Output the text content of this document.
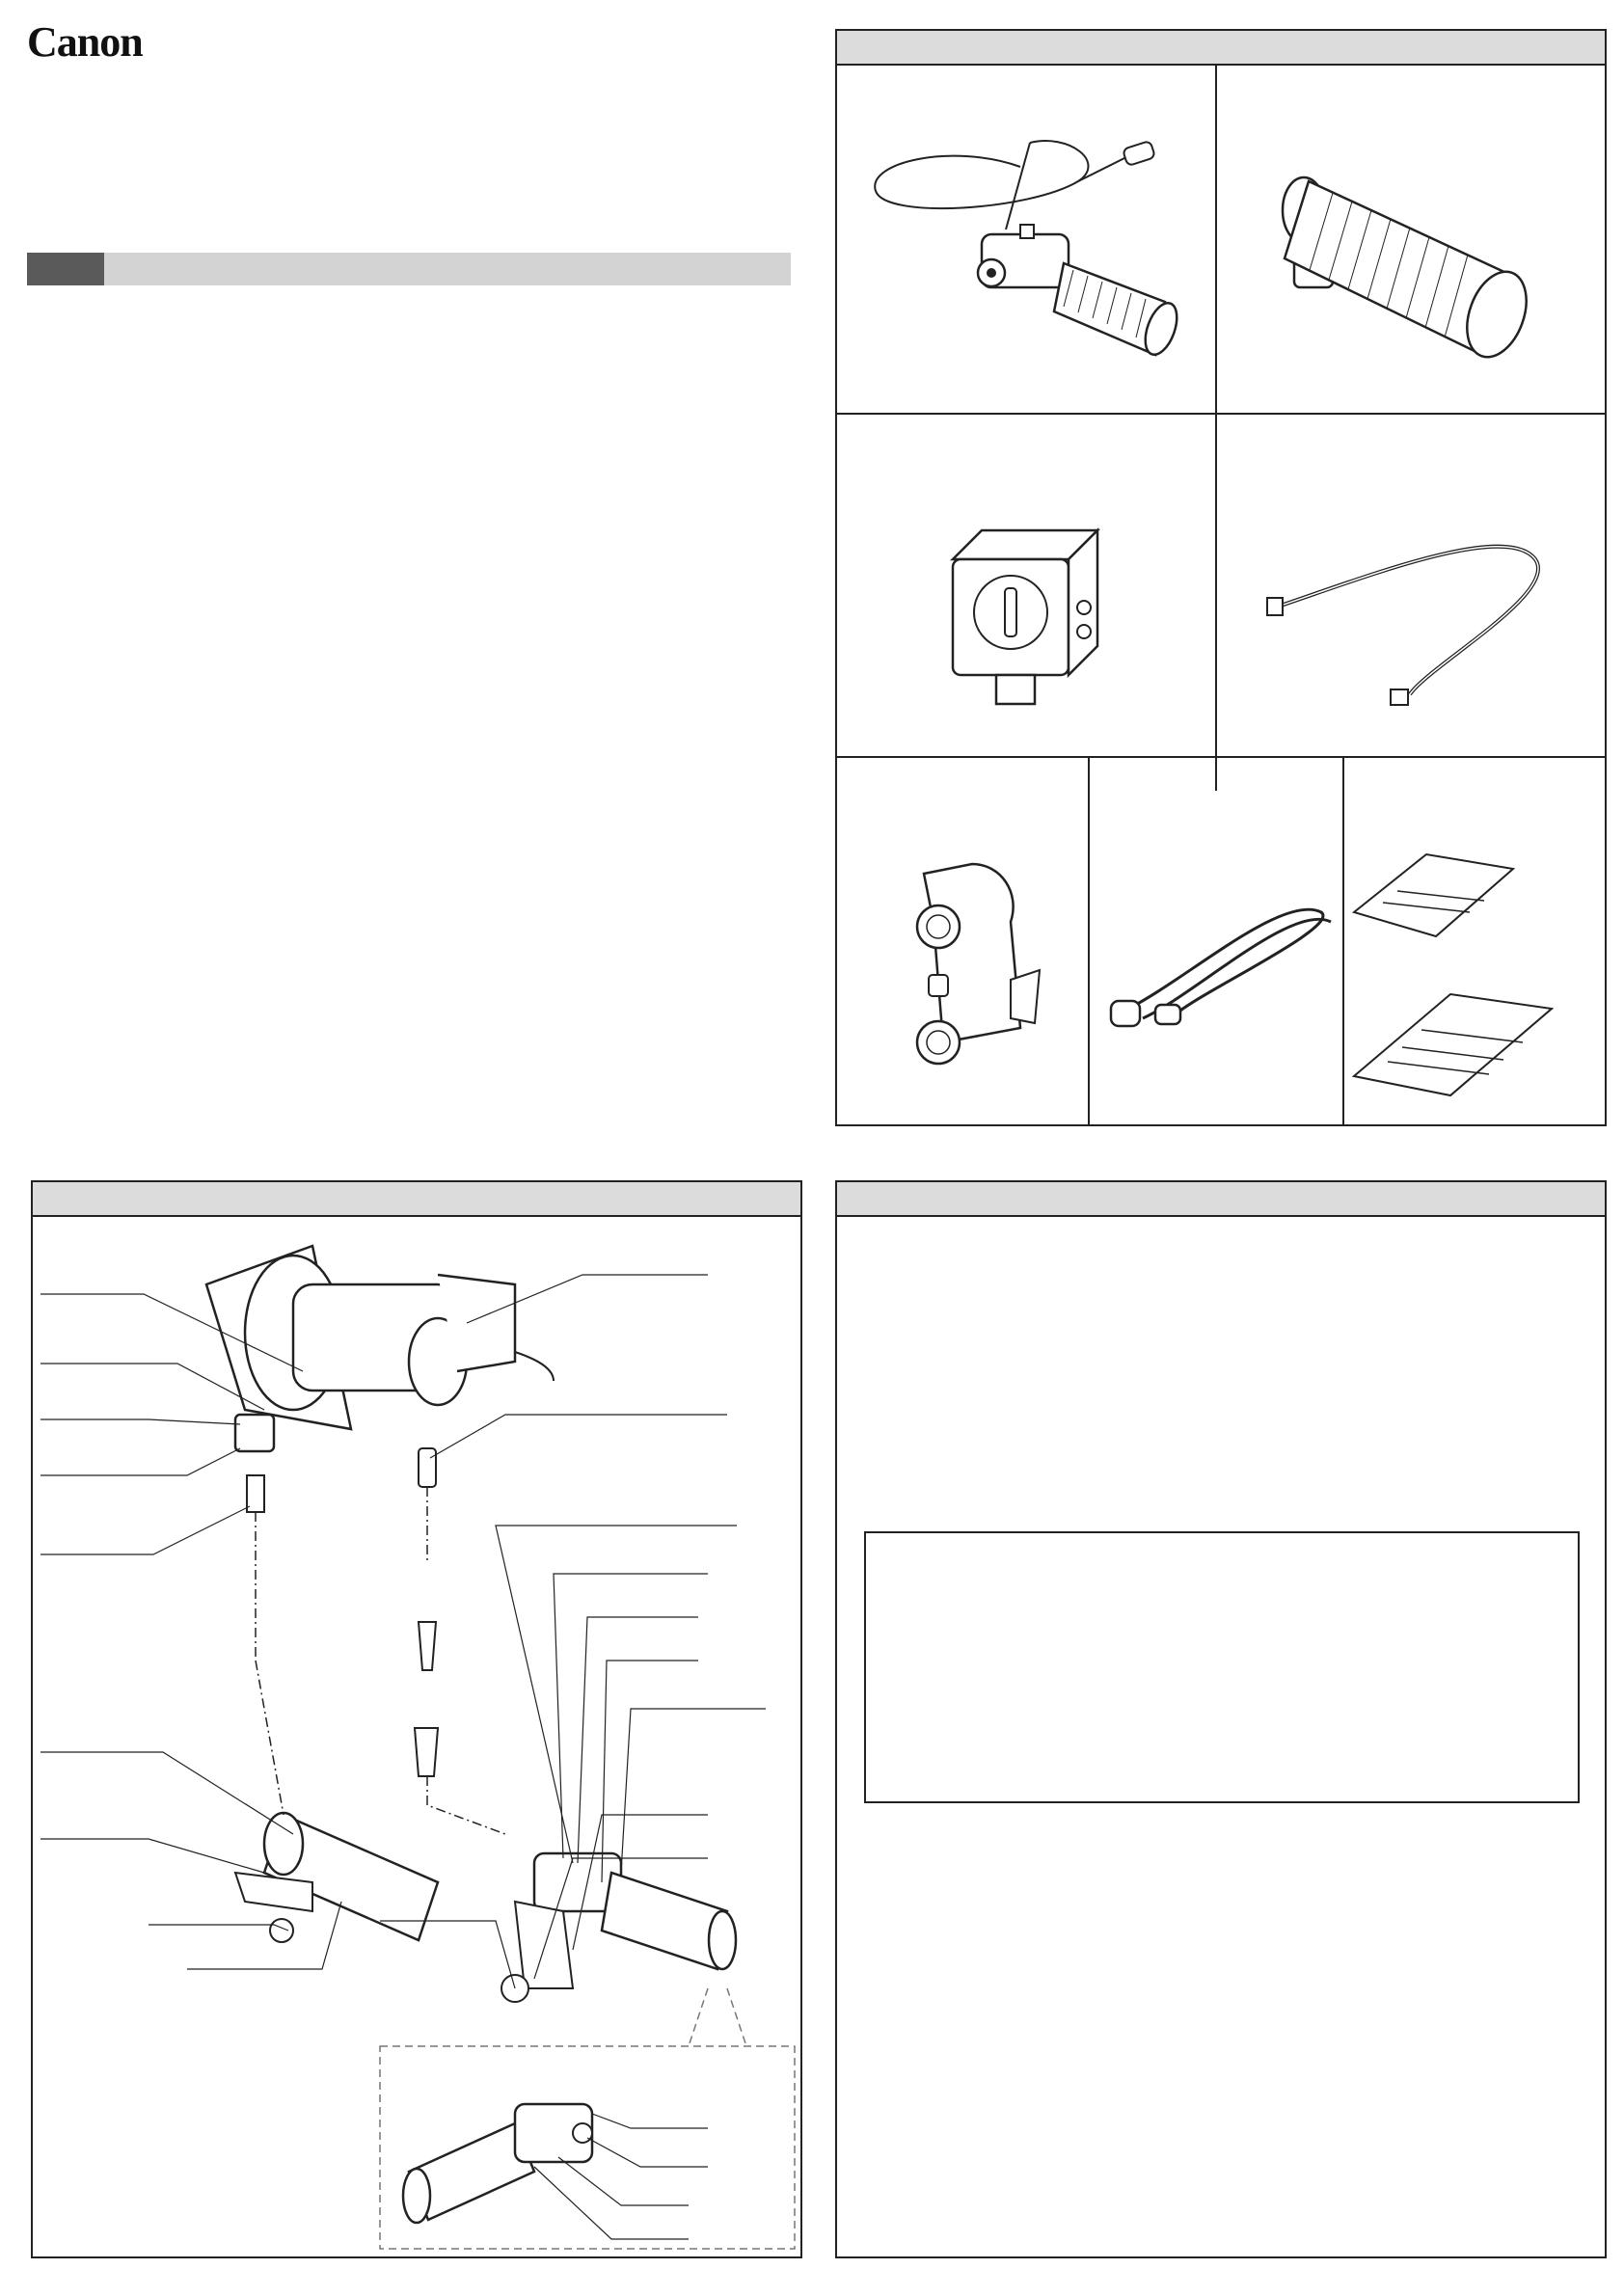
Canon
